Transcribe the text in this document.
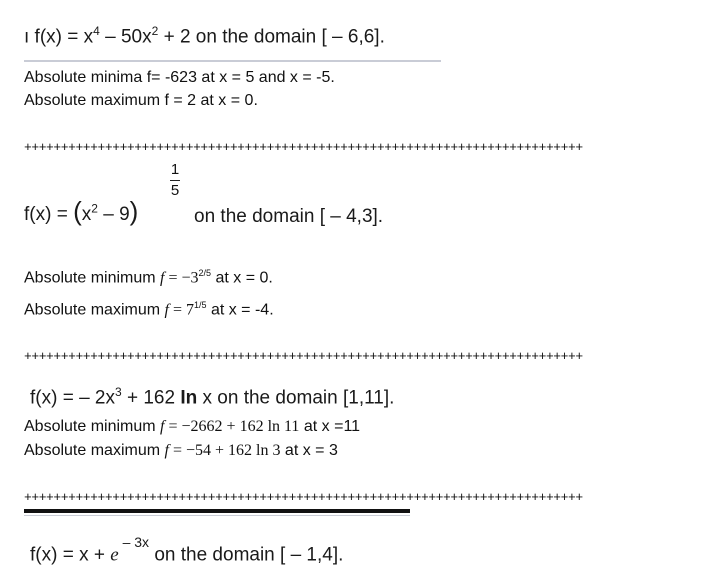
ı $f(x) = x^4 - 50x^2 + 2$ on the domain [ – 6,6].
Absolute minima f= -623 at x = 5 and x = -5.
Absolute maximum f = 2 at x = 0.
++++++++++++++++++++++++++++++++++++++++++++++++++++++++++++++++++++++++++++
$f(x) = (x^2 - 9)$
1
5
on the domain [ – 4,3].
Absolute minimum $f = -3^{2/5}$ at x = 0.
Absolute maximum $f = 7^{1/5}$ at x = -4.
++++++++++++++++++++++++++++++++++++++++++++++++++++++++++++++++++++++++++++
f(x) = – $2x^3 + 162$ In x on the domain [1,11].
Absolute minimum f = −2662 + 162 ln 11 at x =11
Absolute maximum f = −54 + 162 ln 3 at x = 3
++++++++++++++++++++++++++++++++++++++++++++++++++++++++++++++++++++++++++++
f(x) = x + e $^{- 3x}$ on the domain [ – 1,4].
